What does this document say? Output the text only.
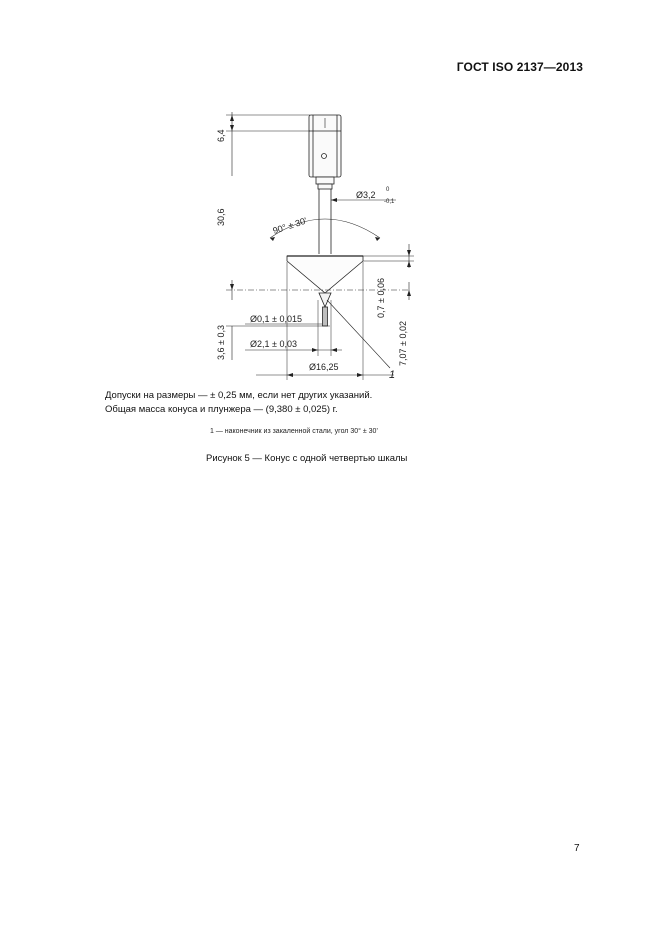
ГОСТ ISO 2137—2013
6,4
30,6
3,6 ± 0,3
0,7 ± 0,06
7,07 ± 0,02
Ø3,2 0
-0,1
90° ± 30'
Ø0,1 ± 0,015
Ø2,1 ± 0,03
Ø16,25
1
Допуски на размеры — ± 0,25 мм, если нет других указаний.
Общая масса конуса и плунжера — (9,380 ± 0,025) г.
1 — наконечник из закаленной стали, угол 30° ± 30'
Рисунок 5 — Конус с одной четвертью шкалы
7
